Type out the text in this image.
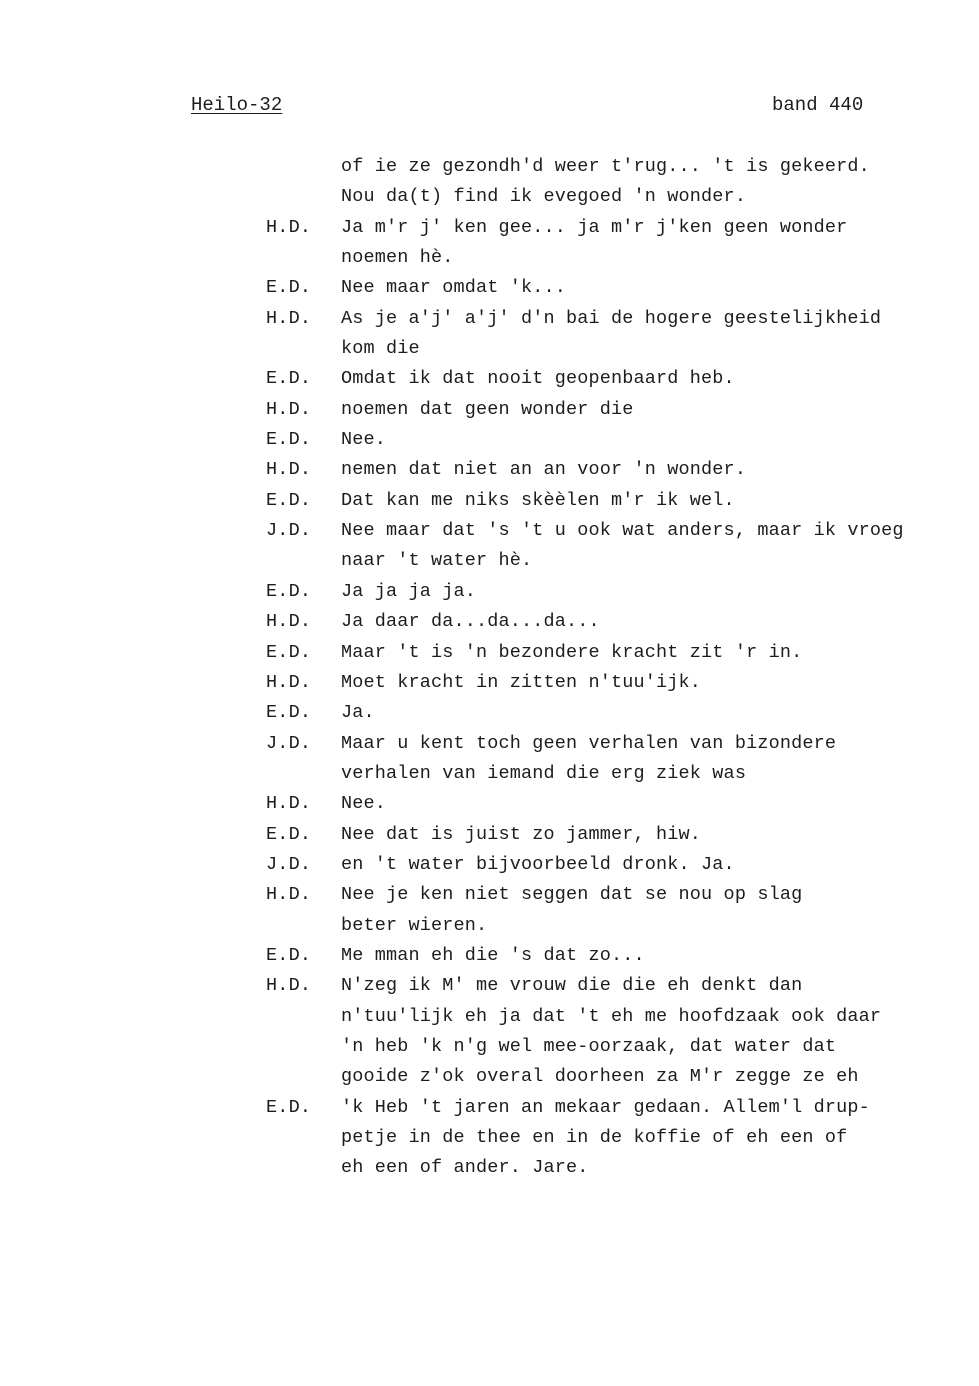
Heilo-32	band 440
of ie ze gezondh'd weer t'rug... 't is gekeerd.
Nou da(t) find ik evegoed 'n wonder.
H.D. Ja m'r j' ken gee... ja m'r j'ken geen wonder
noemen hè.
E.D. Nee maar omdat 'k...
H.D. As je a'j' a'j' d'n bai de hogere geestelijkheid
kom die
E.D. Omdat ik dat nooit geopenbaard heb.
H.D. noemen dat geen wonder die
E.D. Nee.
H.D. nemen dat niet an an voor 'n wonder.
E.D. Dat kan me niks skèèlen m'r ik wel.
J.D. Nee maar dat 's 't u ook wat anders, maar ik vroeg
naar 't water hè.
E.D. Ja ja ja ja.
H.D. Ja daar da...da...da...
E.D. Maar 't is 'n bezondere kracht zit 'r in.
H.D. Moet kracht in zitten n'tuu'ijk.
E.D. Ja.
J.D. Maar u kent toch geen verhalen van bizondere
verhalen van iemand die erg ziek was
H.D. Nee.
E.D. Nee dat is juist zo jammer, hiw.
J.D. en 't water bijvoorbeeld dronk. Ja.
H.D. Nee je ken niet seggen dat se nou op slag
beter wieren.
E.D. Me mman eh die 's dat zo...
H.D. N'zeg ik M' me vrouw die die eh denkt dan
n'tuu'lijk eh ja dat 't eh me hoofdzaak ook daar
'n heb 'k n'g wel mee-oorzaak, dat water dat
gooide z'ok overal doorheen za M'r zegge ze eh
E.D. 'k Heb 't jaren an mekaar gedaan. Allem'l drup-
petje in de thee en in de koffie of eh een of
eh een of ander. Jare.
